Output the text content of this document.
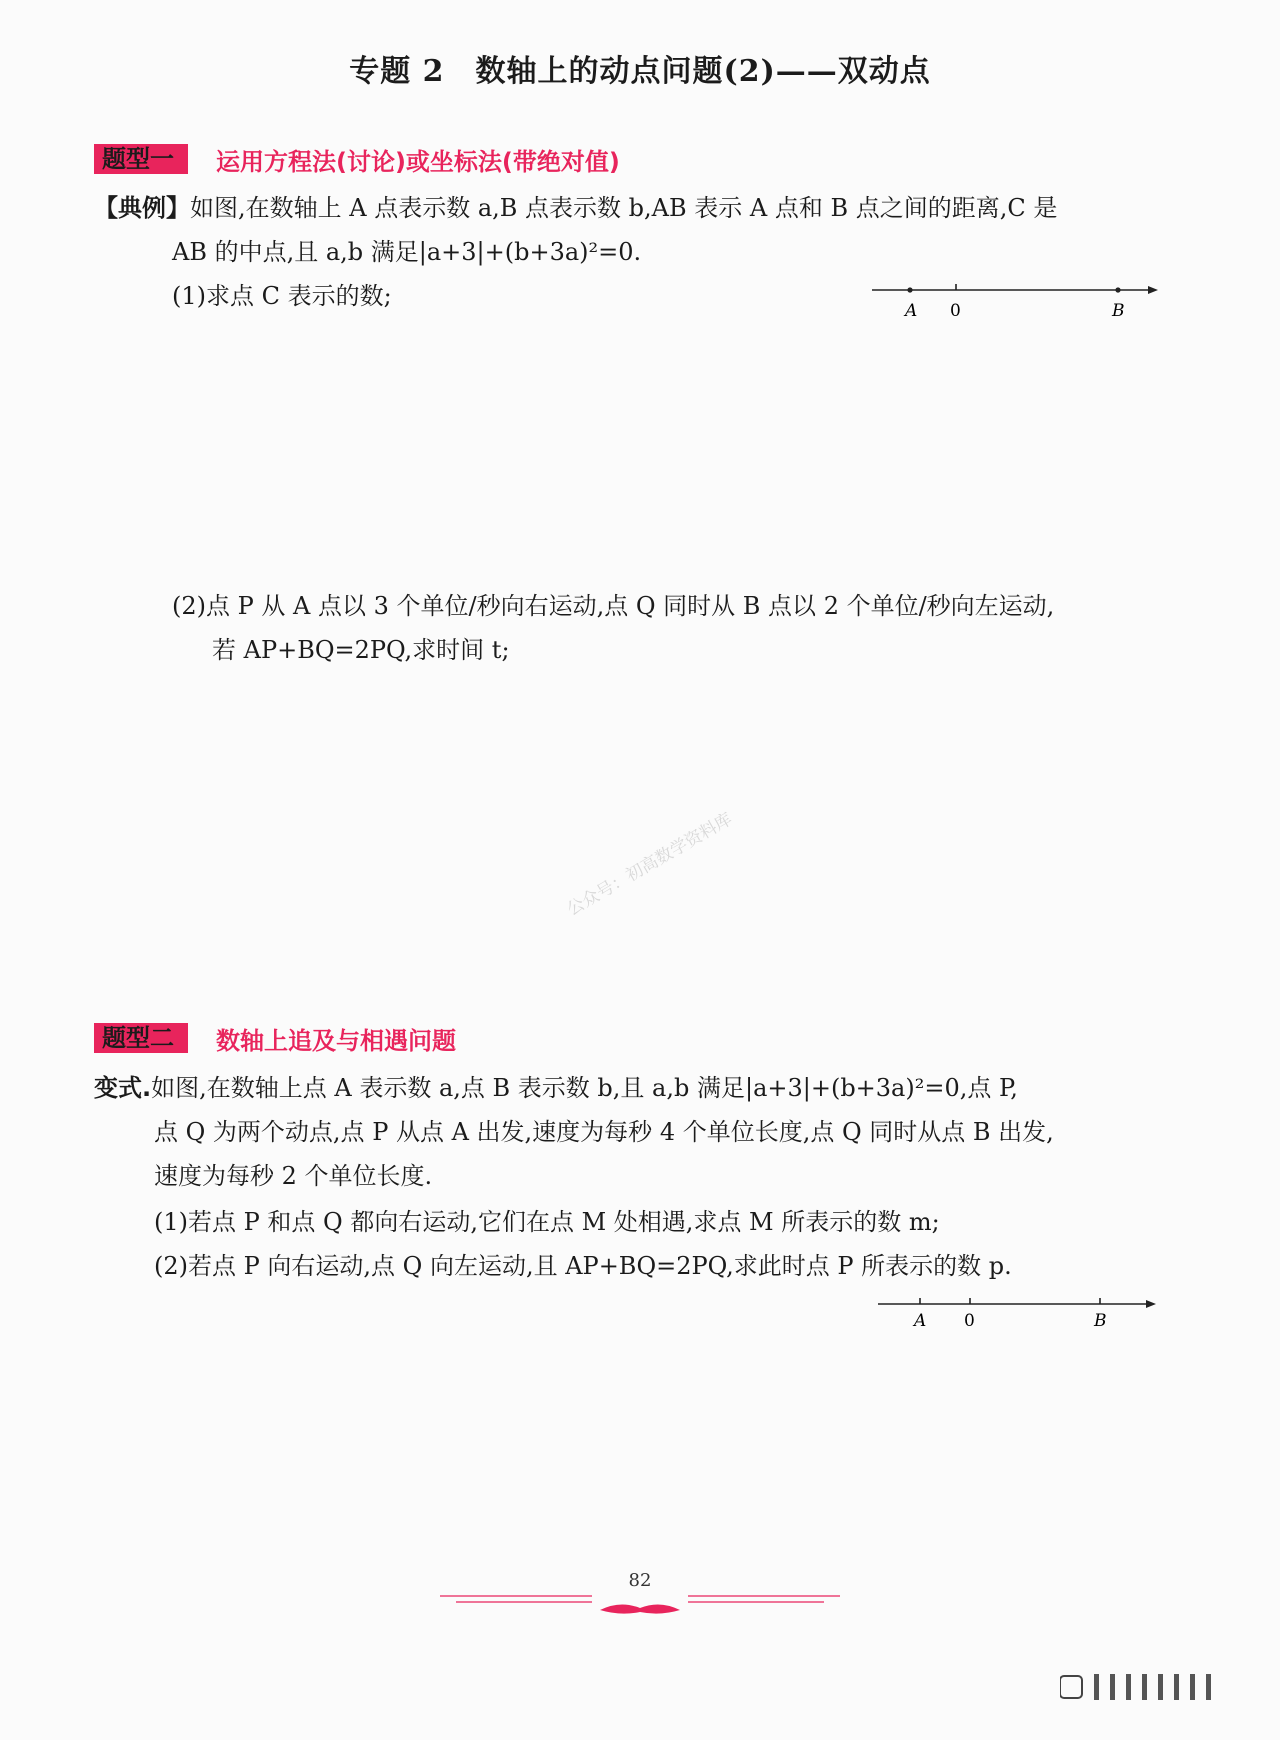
专题 2　数轴上的动点问题(2)——双动点
题型一	运用方程法(讨论)或坐标法(带绝对值)
【典例】如图,在数轴上 A 点表示数 a,B 点表示数 b,AB 表示 A 点和 B 点之间的距离,C 是
AB 的中点,且 a,b 满足|a+3|+(b+3a)²=0.
(1)求点 C 表示的数;
A 0	B
(2)点 P 从 A 点以 3 个单位/秒向右运动,点 Q 同时从 B 点以 2 个单位/秒向左运动,
若 AP+BQ=2PQ,求时间 t;
公众号：初高数学资料库
题型二	数轴上追及与相遇问题
变式.如图,在数轴上点 A 表示数 a,点 B 表示数 b,且 a,b 满足|a+3|+(b+3a)²=0,点 P,
点 Q 为两个动点,点 P 从点 A 出发,速度为每秒 4 个单位长度,点 Q 同时从点 B 出发,
速度为每秒 2 个单位长度.
(1)若点 P 和点 Q 都向右运动,它们在点 M 处相遇,求点 M 所表示的数 m;
(2)若点 P 向右运动,点 Q 向左运动,且 AP+BQ=2PQ,求此时点 P 所表示的数 p.
A 0	B
82
